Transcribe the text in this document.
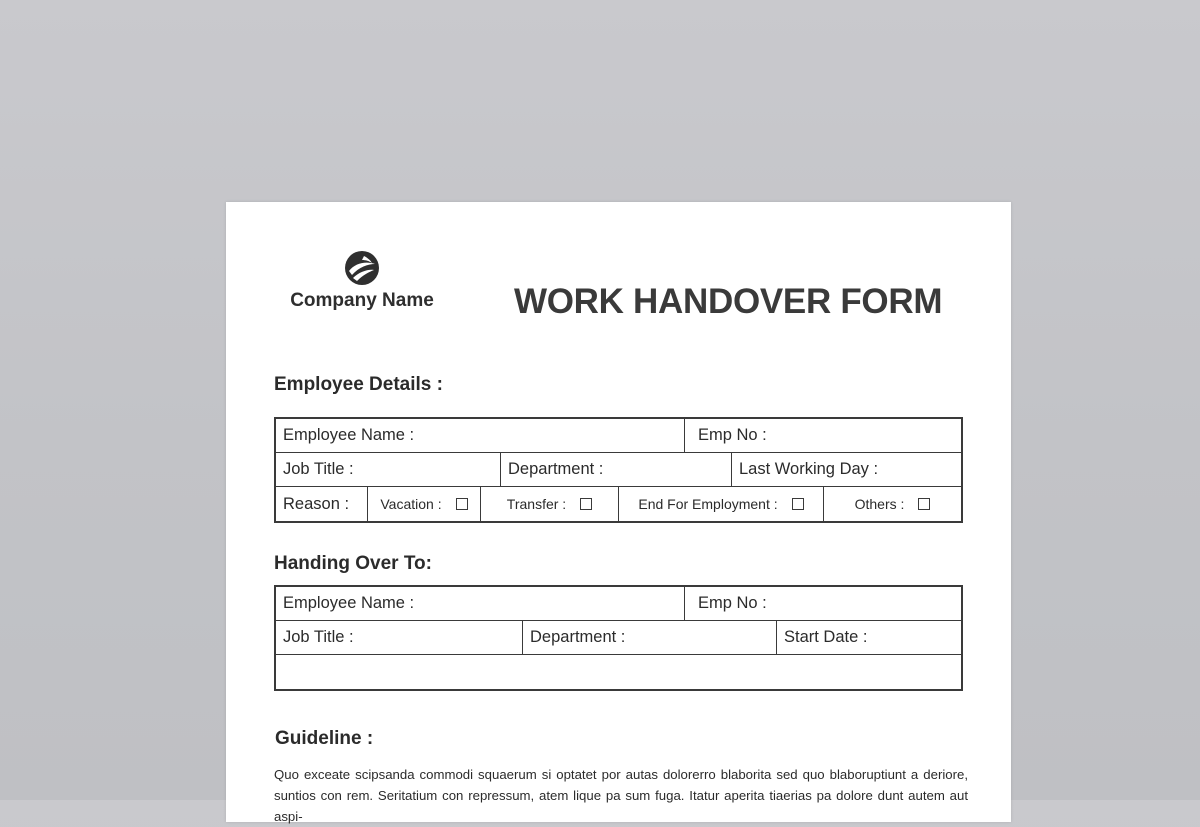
Company Name WORK HANDOVER FORM
Employee Details :
Employee Name :	Emp No :
Job Title :	Department :	Last Working Day :
Reason : Vacation :	Transfer :	End For Employment :	Others :
Handing Over To:
Employee Name :	Emp No :
Job Title :	Department :	Start Date :
Guideline :
Quo exceate scipsanda commodi squaerum si optatet por autas dolorerro blaborita sed quo blaboruptiunt a deriore, suntios con rem. Seritatium con repressum, atem lique pa sum fuga. Itatur aperita tiaerias pa dolore dunt autem aut aspi-
